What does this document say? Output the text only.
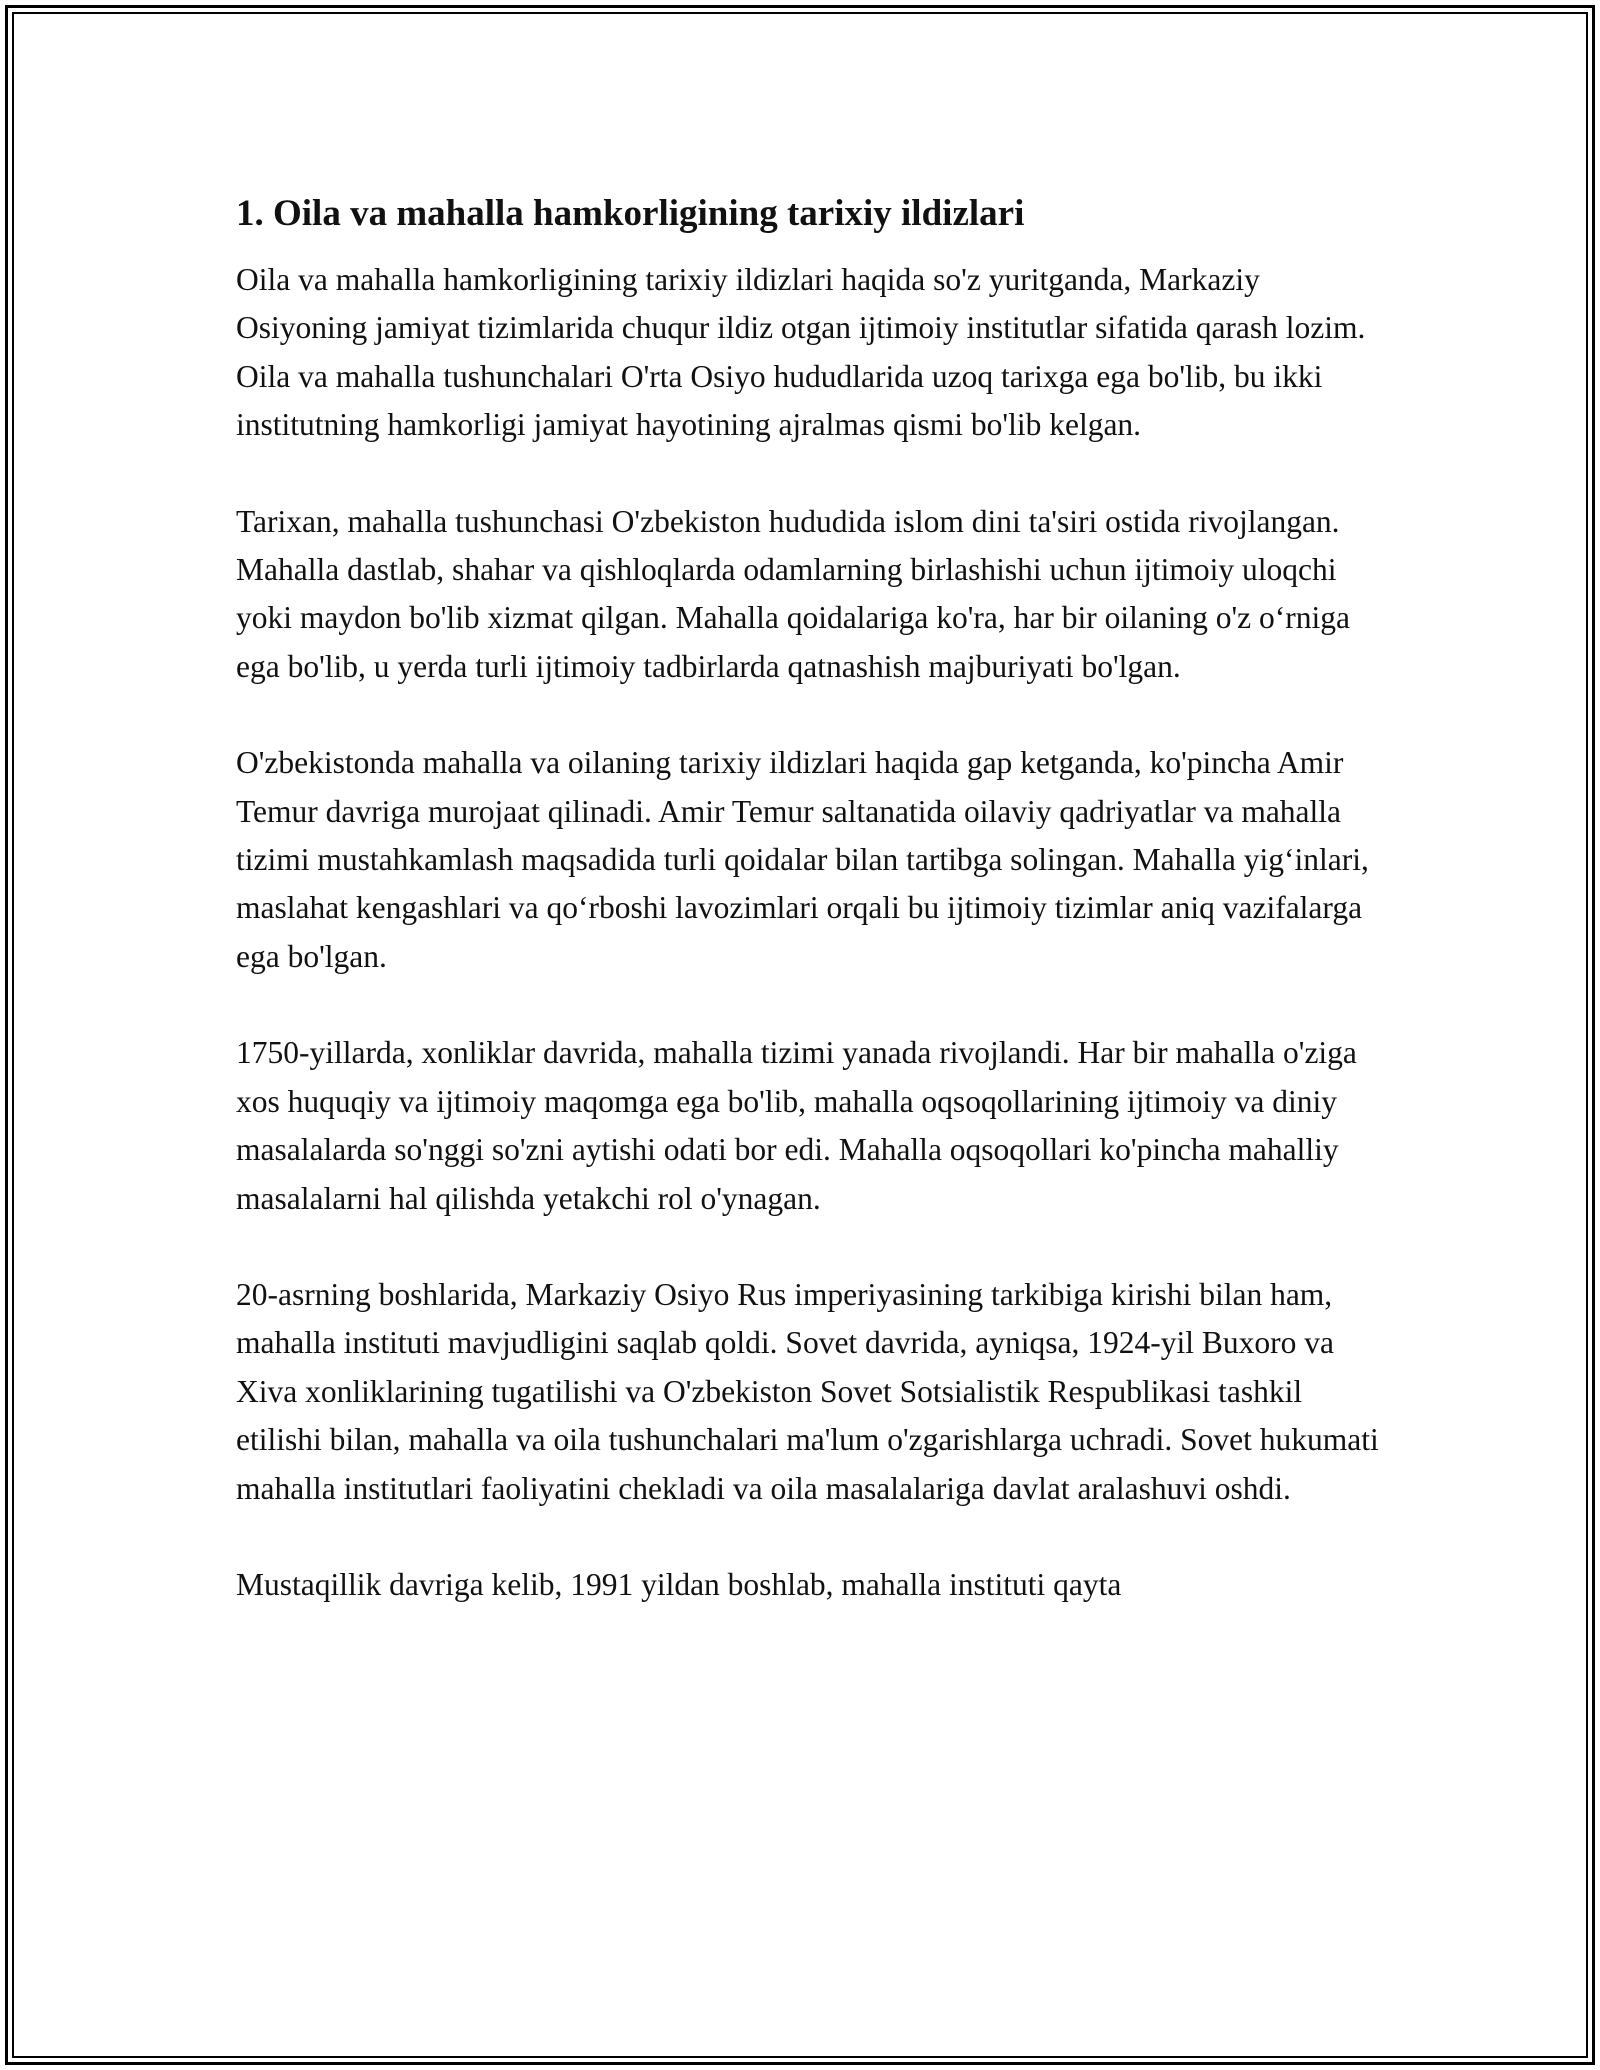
1. Oila va mahalla hamkorligining tarixiy ildizlari

Oila va mahalla hamkorligining tarixiy ildizlari haqida so'z yuritganda, Markaziy Osiyoning jamiyat tizimlarida chuqur ildiz otgan ijtimoiy institutlar sifatida qarash lozim. Oila va mahalla tushunchalari O'rta Osiyo hududlarida uzoq tarixga ega bo'lib, bu ikki institutning hamkorligi jamiyat hayotining ajralmas qismi bo'lib kelgan.

Tarixan, mahalla tushunchasi O'zbekiston hududida islom dini ta'siri ostida rivojlangan. Mahalla dastlab, shahar va qishloqlarda odamlarning birlashishi uchun ijtimoiy uloqchi yoki maydon bo'lib xizmat qilgan. Mahalla qoidalariga ko'ra, har bir oilaning o'z o‘rniga ega bo'lib, u yerda turli ijtimoiy tadbirlarda qatnashish majburiyati bo'lgan.

O'zbekistonda mahalla va oilaning tarixiy ildizlari haqida gap ketganda, ko'pincha Amir Temur davriga murojaat qilinadi. Amir Temur saltanatida oilaviy qadriyatlar va mahalla tizimi mustahkamlash maqsadida turli qoidalar bilan tartibga solingan. Mahalla yig‘inlari, maslahat kengashlari va qo‘rboshi lavozimlari orqali bu ijtimoiy tizimlar aniq vazifalarga ega bo'lgan.

1750-yillarda, xonliklar davrida, mahalla tizimi yanada rivojlandi. Har bir mahalla o'ziga xos huquqiy va ijtimoiy maqomga ega bo'lib, mahalla oqsoqollarining ijtimoiy va diniy masalalarda so'nggi so'zni aytishi odati bor edi. Mahalla oqsoqollari ko'pincha mahalliy masalalarni hal qilishda yetakchi rol o'ynagan.

20-asrning boshlarida, Markaziy Osiyo Rus imperiyasining tarkibiga kirishi bilan ham, mahalla instituti mavjudligini saqlab qoldi. Sovet davrida, ayniqsa, 1924-yil Buxoro va Xiva xonliklarining tugatilishi va O'zbekiston Sovet Sotsialistik Respublikasi tashkil etilishi bilan, mahalla va oila tushunchalari ma'lum o'zgarishlarga uchradi. Sovet hukumati mahalla institutlari faoliyatini chekladi va oila masalalariga davlat aralashuvi oshdi.

Mustaqillik davriga kelib, 1991 yildan boshlab, mahalla instituti qayta
